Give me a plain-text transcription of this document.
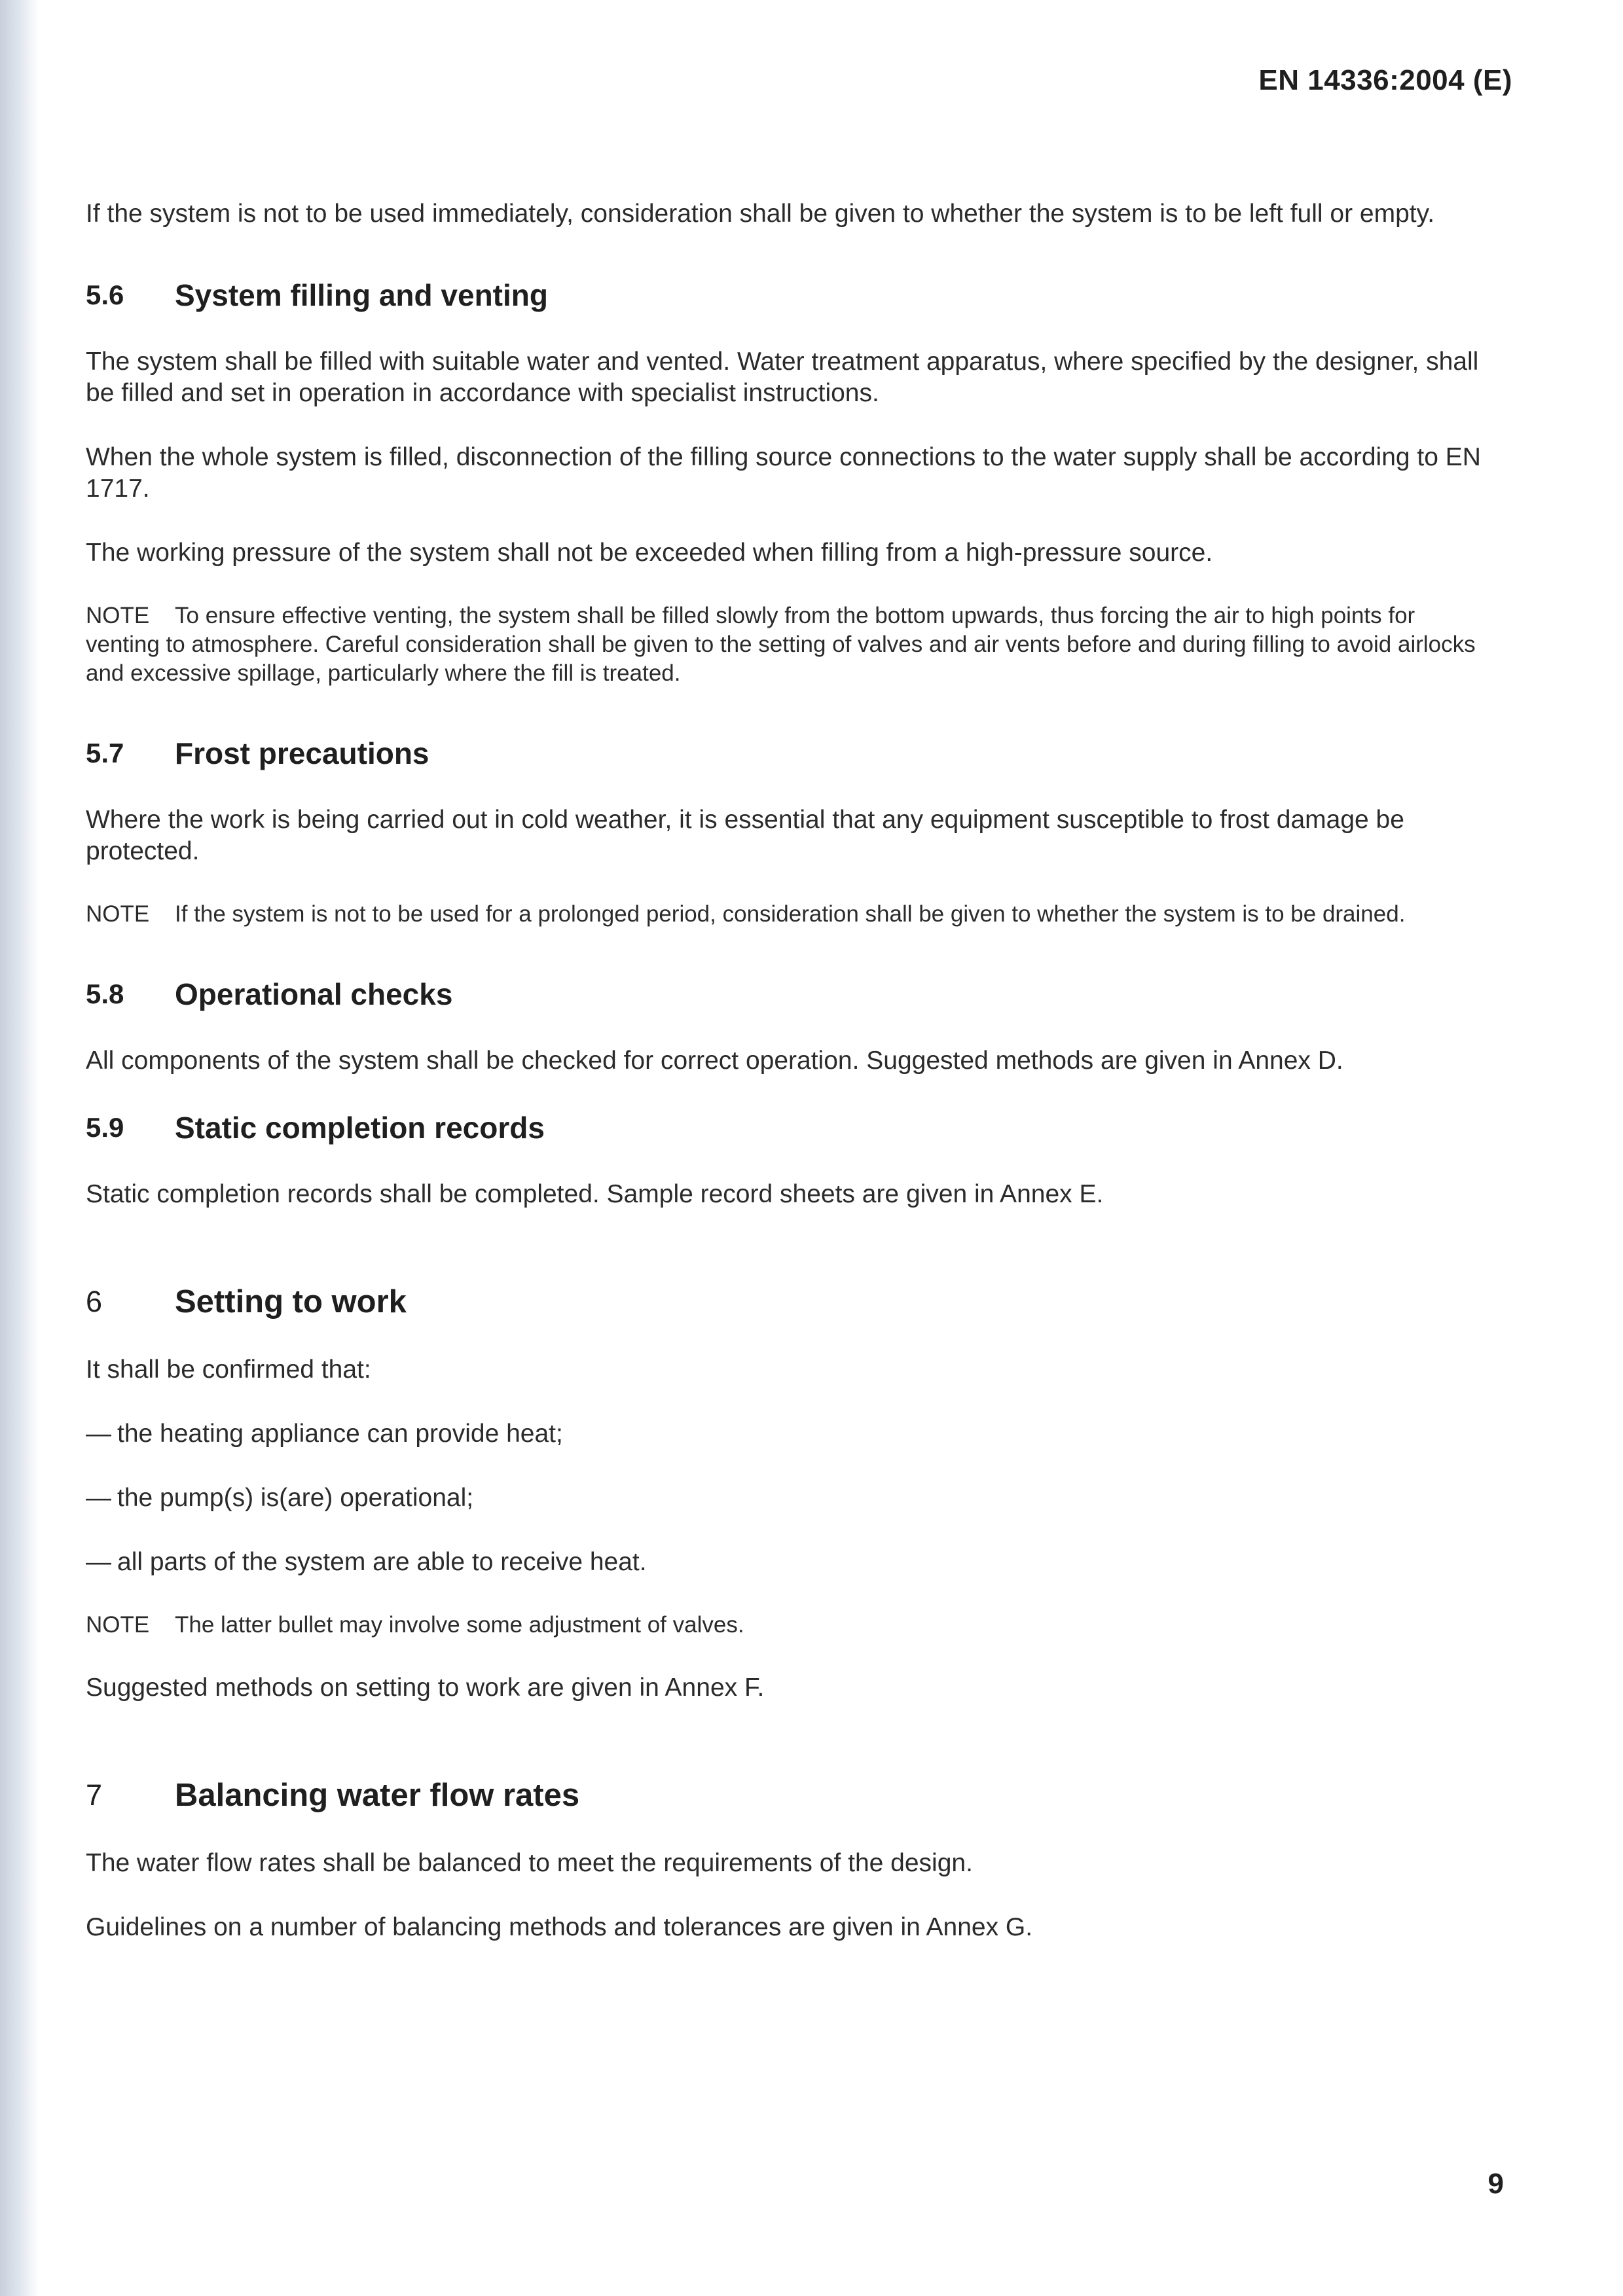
EN 14336:2004 (E)

If the system is not to be used immediately, consideration shall be given to whether the system is to be left full or empty.

5.6	System filling and venting

The system shall be filled with suitable water and vented. Water treatment apparatus, where specified by the designer, shall be filled and set in operation in accordance with specialist instructions.

When the whole system is filled, disconnection of the filling source connections to the water supply shall be according to EN 1717.

The working pressure of the system shall not be exceeded when filling from a high-pressure source.

NOTE To ensure effective venting, the system shall be filled slowly from the bottom upwards, thus forcing the air to high points for venting to atmosphere. Careful consideration shall be given to the setting of valves and air vents before and during filling to avoid airlocks and excessive spillage, particularly where the fill is treated.
5.7	Frost precautions

Where the work is being carried out in cold weather, it is essential that any equipment susceptible to frost damage be protected.

NOTE If the system is not to be used for a prolonged period, consideration shall be given to whether the system is to be drained.
5.8	Operational checks

All components of the system shall be checked for correct operation. Suggested methods are given in Annex D.

5.9	Static completion records

Static completion records shall be completed. Sample record sheets are given in Annex E.

6	Setting to work

It shall be confirmed that:

— the heating appliance can provide heat;

— the pump(s) is(are) operational;

— all parts of the system are able to receive heat.

NOTE The latter bullet may involve some adjustment of valves.

Suggested methods on setting to work are given in Annex F.

7	Balancing water flow rates

The water flow rates shall be balanced to meet the requirements of the design.

Guidelines on a number of balancing methods and tolerances are given in Annex G.

9
